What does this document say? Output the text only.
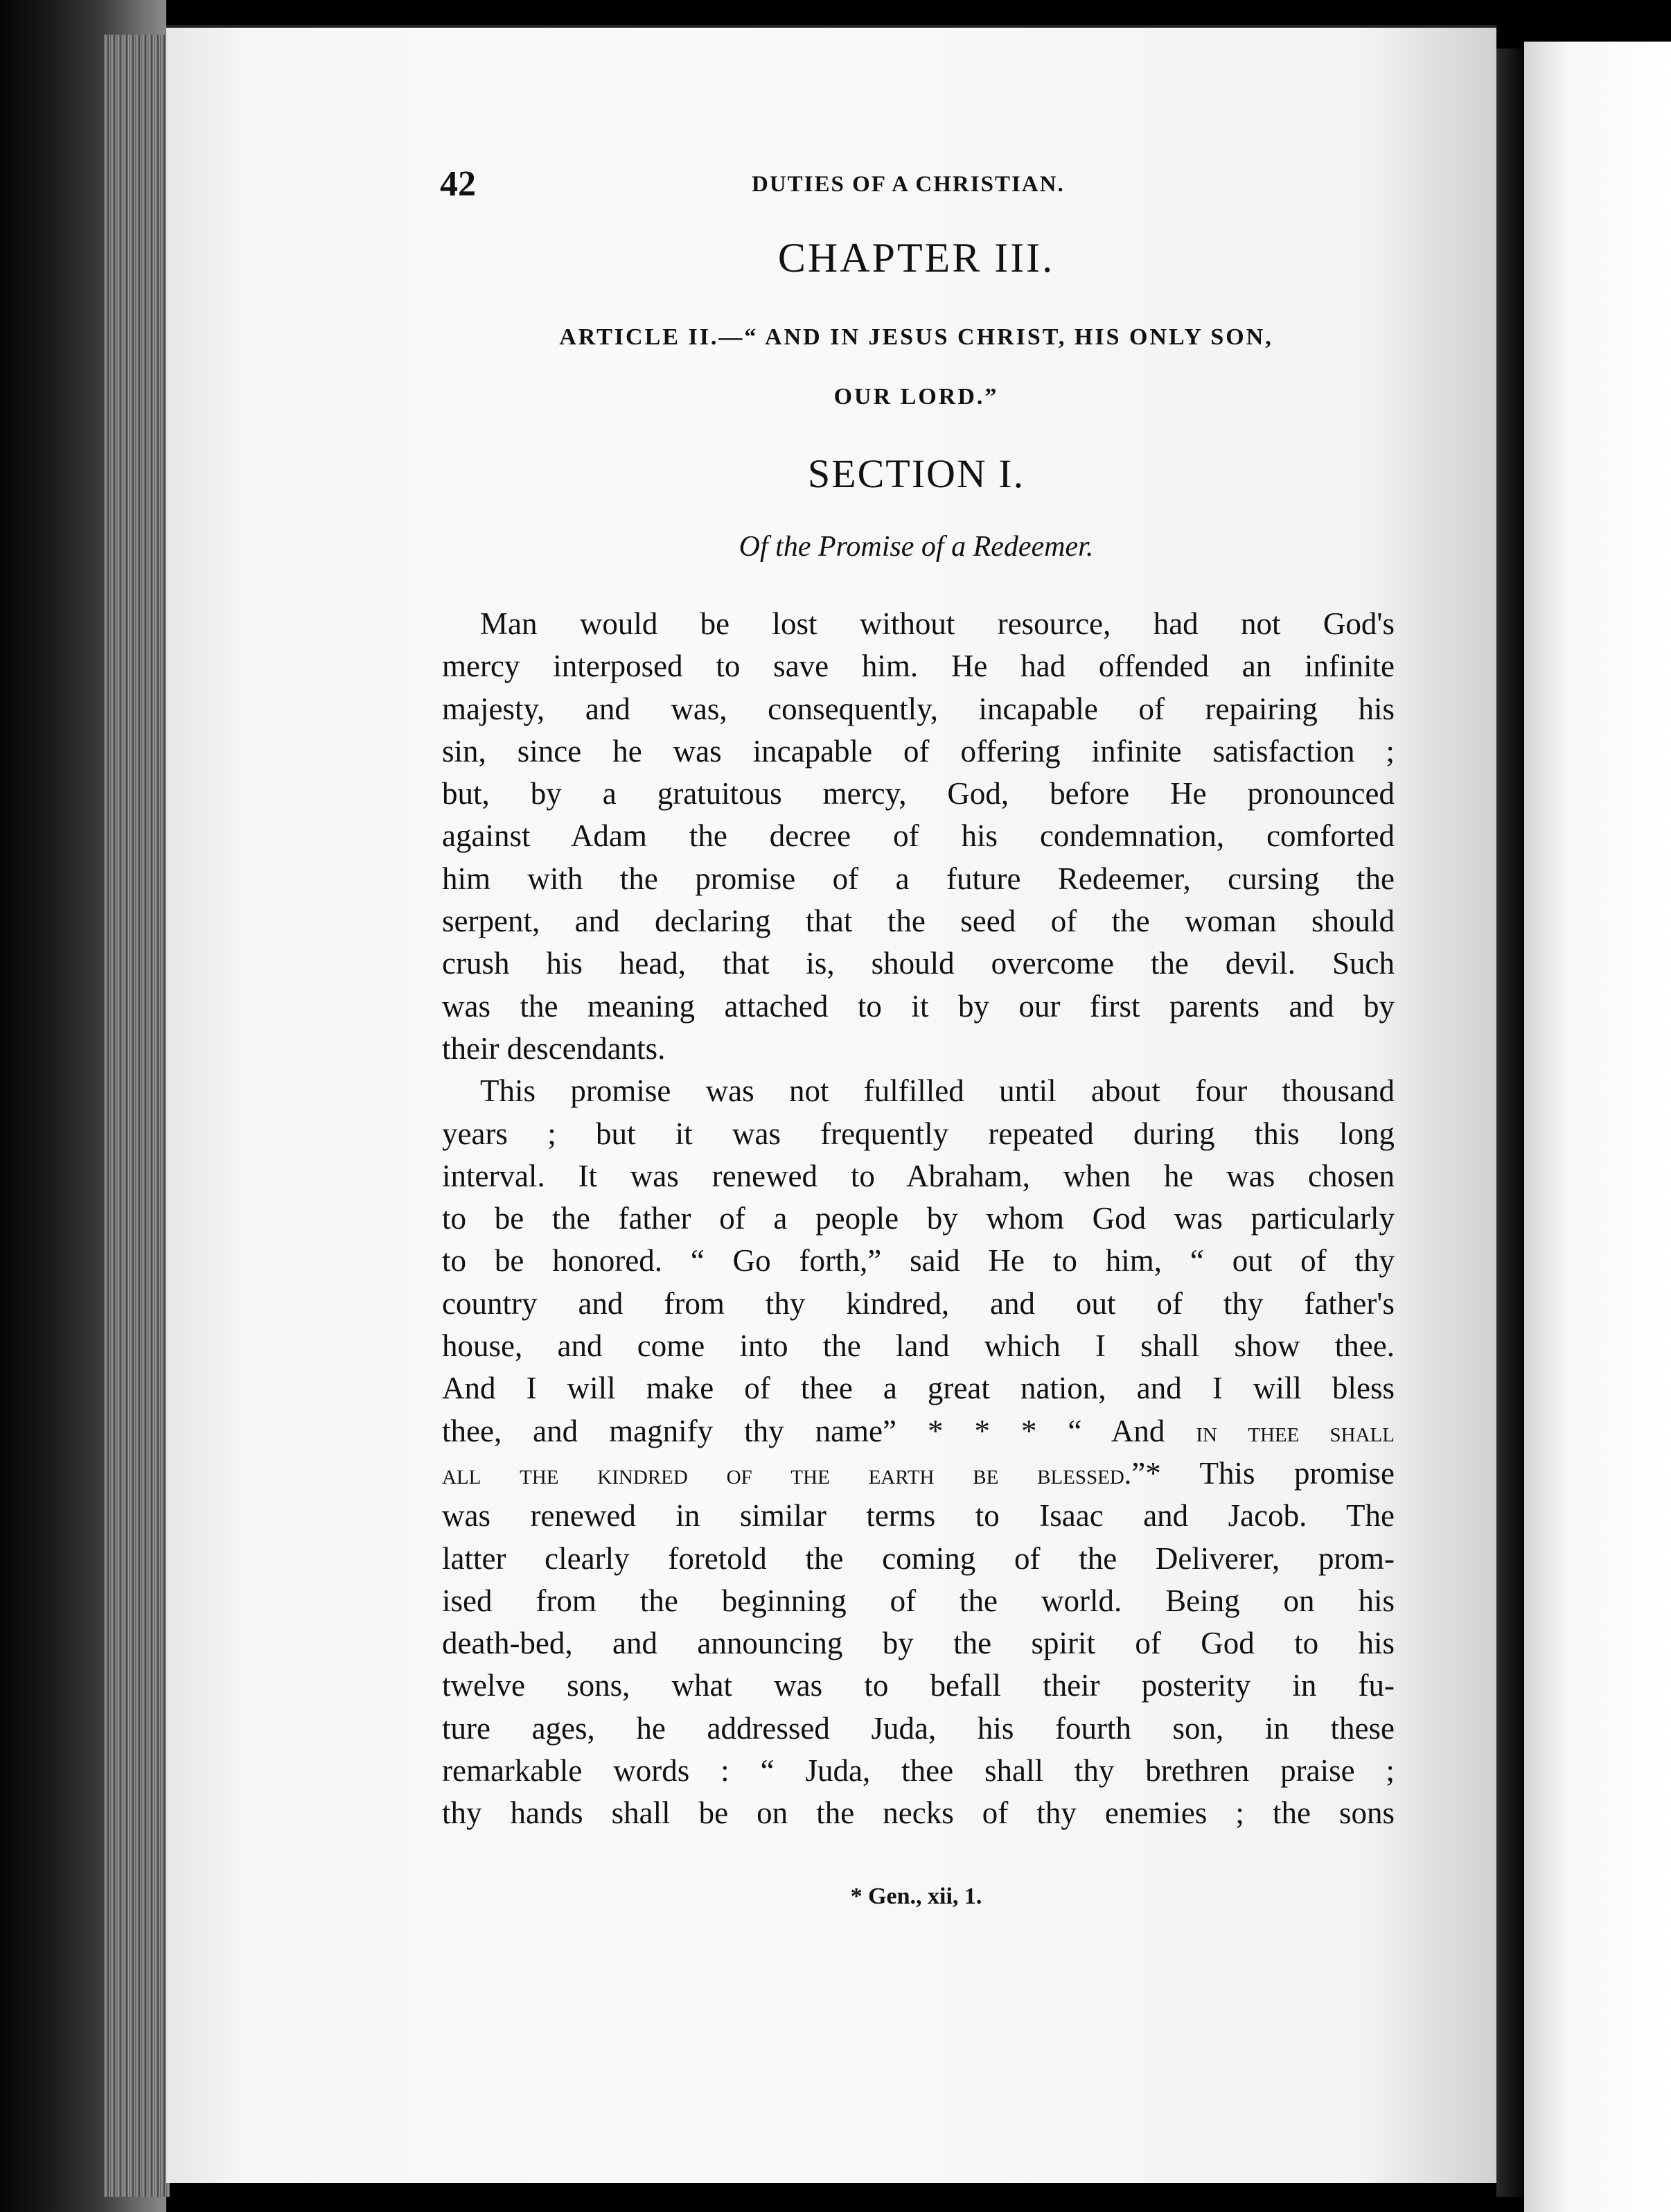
42	DUTIES OF A CHRISTIAN.
CHAPTER III.
ARTICLE II.—“ AND IN JESUS CHRIST, HIS ONLY SON,
OUR LORD.”
SECTION I.
Of the Promise of a Redeemer.
Man would be lost without resource, had not God's
mercy interposed to save him. He had offended an infinite
majesty, and was, consequently, incapable of repairing his
sin, since he was incapable of offering infinite satisfaction ;
but, by a gratuitous mercy, God, before He pronounced
against Adam the decree of his condemnation, comforted
him with the promise of a future Redeemer, cursing the
serpent, and declaring that the seed of the woman should
crush his head, that is, should overcome the devil. Such
was the meaning attached to it by our first parents and by
their descendants.
This promise was not fulfilled until about four thousand
years ; but it was frequently repeated during this long
interval. It was renewed to Abraham, when he was chosen
to be the father of a people by whom God was particularly
to be honored. “ Go forth,” said He to him, “ out of thy
country and from thy kindred, and out of thy father's
house, and come into the land which I shall show thee.
And I will make of thee a great nation, and I will bless
thee, and magnify thy name” * * * “ And in thee shall
all the kindred of the earth be blessed.”* This promise
was renewed in similar terms to Isaac and Jacob. The
latter clearly foretold the coming of the Deliverer, prom-
ised from the beginning of the world. Being on his
death-bed, and announcing by the spirit of God to his
twelve sons, what was to befall their posterity in fu-
ture ages, he addressed Juda, his fourth son, in these
remarkable words : “ Juda, thee shall thy brethren praise ;
thy hands shall be on the necks of thy enemies ; the sons
* Gen., xii, 1.
